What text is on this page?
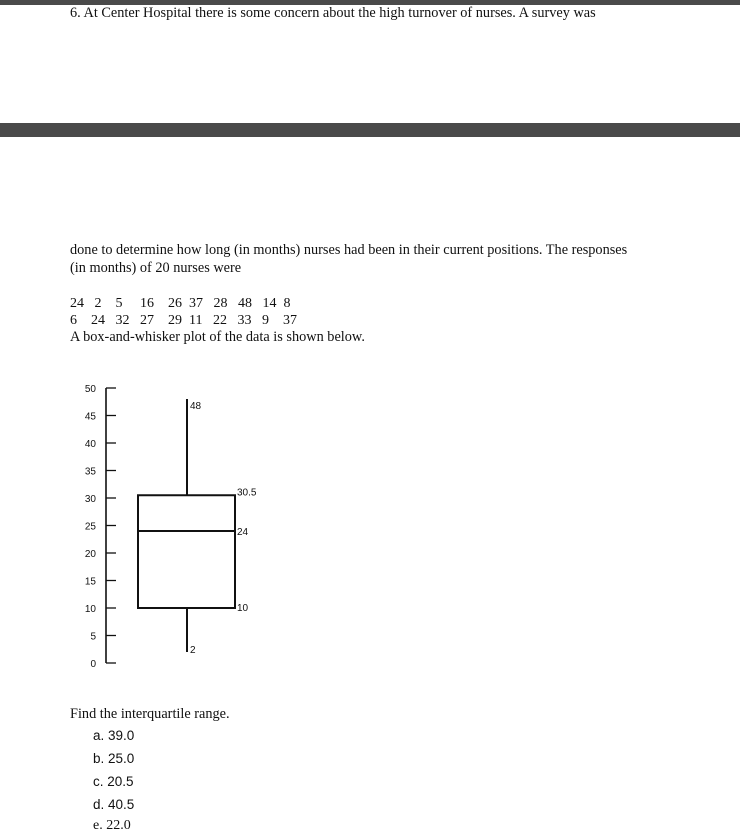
6. At Center Hospital there is some concern about the high turnover of nurses. A survey was
done to determine how long (in months) nurses had been in their current positions. The responses
(in months) of 20 nurses were
24   2    5     16    26  37   28   48   14  8
6    24   32   27    29  11   22   33   9    37
A box-and-whisker plot of the data is shown below.
0
5
10
15
20
25
30
35
40
45
50
48
30.5
24
10
2
Find the interquartile range.
a. 39.0
b. 25.0
c. 20.5
d. 40.5
e. 22.0
